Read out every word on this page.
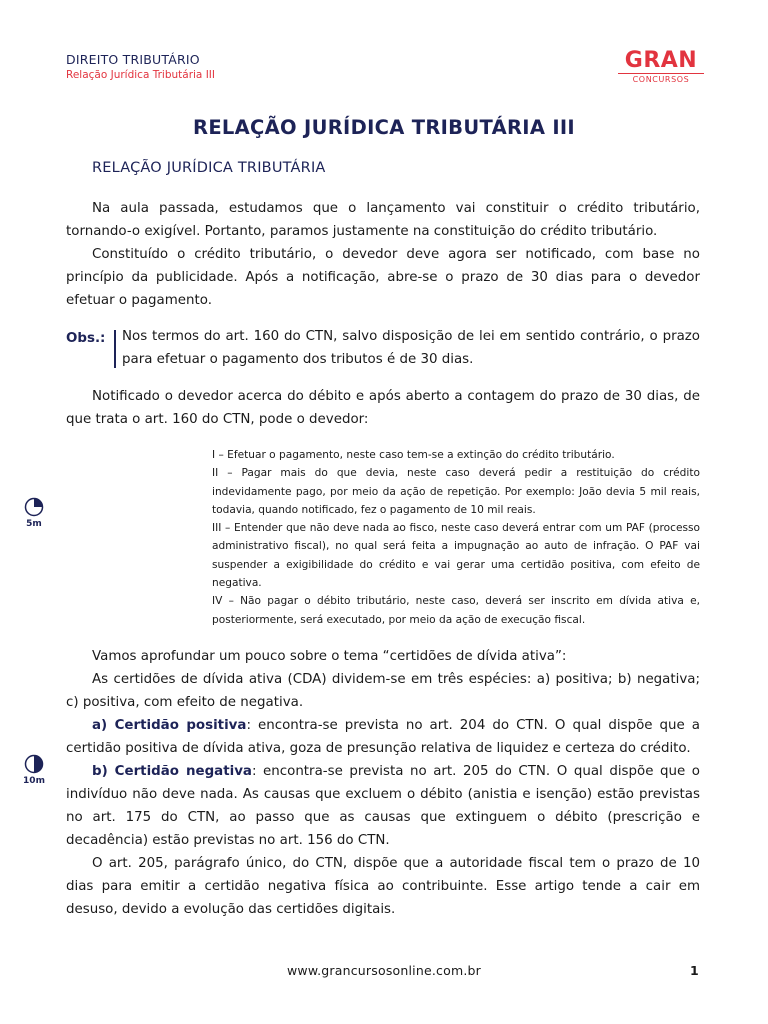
DIREITO TRIBUTÁRIO
Relação Jurídica Tributária III
GRAN
CONCURSOS
RELAÇÃO JURÍDICA TRIBUTÁRIA III
RELAÇÃO JURÍDICA TRIBUTÁRIA

Na aula passada, estudamos que o lançamento vai constituir o crédito tributário, tornando-o exigível. Portanto, paramos justamente na constituição do crédito tributário.

Constituído o crédito tributário, o devedor deve agora ser notificado, com base no princípio da publicidade. Após a notificação, abre-se o prazo de 30 dias para o devedor efetuar o pagamento.

Obs.: Nos termos do art. 160 do CTN, salvo disposição de lei em sentido contrário, o prazo para efetuar o pagamento dos tributos é de 30 dias.

Notificado o devedor acerca do débito e após aberto a contagem do prazo de 30 dias, de que trata o art. 160 do CTN, pode o devedor:

I – Efetuar o pagamento, neste caso tem-se a extinção do crédito tributário.
II – Pagar mais do que devia, neste caso deverá pedir a restituição do crédito indevidamente pago, por meio da ação de repetição. Por exemplo: João devia 5 mil reais, todavia, quando notificado, fez o pagamento de 10 mil reais.
III – Entender que não deve nada ao fisco, neste caso deverá entrar com um PAF (processo administrativo fiscal), no qual será feita a impugnação ao auto de infração. O PAF vai suspender a exigibilidade do crédito e vai gerar uma certidão positiva, com efeito de negativa.
IV – Não pagar o débito tributário, neste caso, deverá ser inscrito em dívida ativa e, posteriormente, será executado, por meio da ação de execução fiscal.
5m
10m

Vamos aprofundar um pouco sobre o tema “certidões de dívida ativa”:

As certidões de dívida ativa (CDA) dividem-se em três espécies: a) positiva; b) negativa; c) positiva, com efeito de negativa.

a) Certidão positiva: encontra-se prevista no art. 204 do CTN. O qual dispõe que a certidão positiva de dívida ativa, goza de presunção relativa de liquidez e certeza do crédito.

b) Certidão negativa: encontra-se prevista no art. 205 do CTN. O qual dispõe que o indivíduo não deve nada. As causas que excluem o débito (anistia e isenção) estão previstas no art. 175 do CTN, ao passo que as causas que extinguem o débito (prescrição e decadência) estão previstas no art. 156 do CTN.

O art. 205, parágrafo único, do CTN, dispõe que a autoridade fiscal tem o prazo de 10 dias para emitir a certidão negativa física ao contribuinte. Esse artigo tende a cair em desuso, devido a evolução das certidões digitais.

www.grancursosonline.com.br	1
